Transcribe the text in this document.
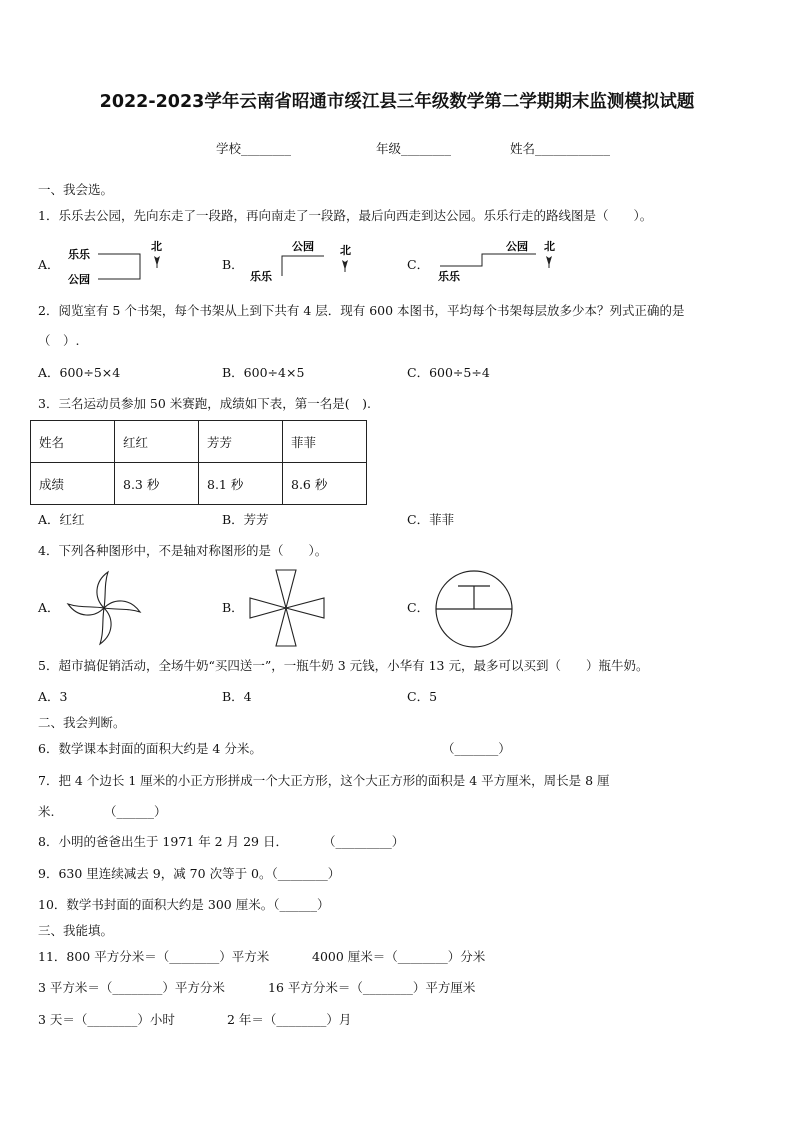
2022-2023学年云南省昭通市绥江县三年级数学第二学期期末监测模拟试题
学校________	年级________	姓名____________
一、我会选。
1．乐乐去公园，先向东走了一段路，再向南走了一段路，最后向西走到达公园。乐乐行走的路线图是（　　）。
A．	B．	C．
乐乐
公园
北	公园
乐乐
北	公园
乐乐
北
2．阅览室有 5 个书架，每个书架从上到下共有 4 层．现有 600 本图书，平均每个书架每层放多少本？列式正确的是
（　）.
A．600÷5×4	B．600÷4×5	C．600÷5÷4
3．三名运动员参加 50 米赛跑，成绩如下表，第一名是(　).
姓名	红红	芳芳	菲菲
成绩	8.3 秒	8.1 秒	8.6 秒
A．红红	B．芳芳	C．菲菲
4．下列各种图形中，不是轴对称图形的是（　　）。
A．	B．	C．
5．超市搞促销活动，全场牛奶“买四送一”，一瓶牛奶 3 元钱，小华有 13 元，最多可以买到（　　）瓶牛奶。
A．3	B．4	C．5
二、我会判断。
6．数学课本封面的面积大约是 4 分米。	（_______）
7．把 4 个边长 1 厘米的小正方形拼成一个大正方形，这个大正方形的面积是 4 平方厘米，周长是 8 厘
米.	（______）
8．小明的爸爸出生于 1971 年 2 月 29 日．	（_________）
9．630 里连续减去 9，减 70 次等于 0。（________）
10．数学书封面的面积大约是 300 厘米。（______）
三、我能填。
11．800 平方分米＝（________）平方米	4000 厘米＝（________）分米
3 平方米＝（________）平方分米	16 平方分米＝（________）平方厘米
3 天＝（________）小时	2 年＝（________）月
